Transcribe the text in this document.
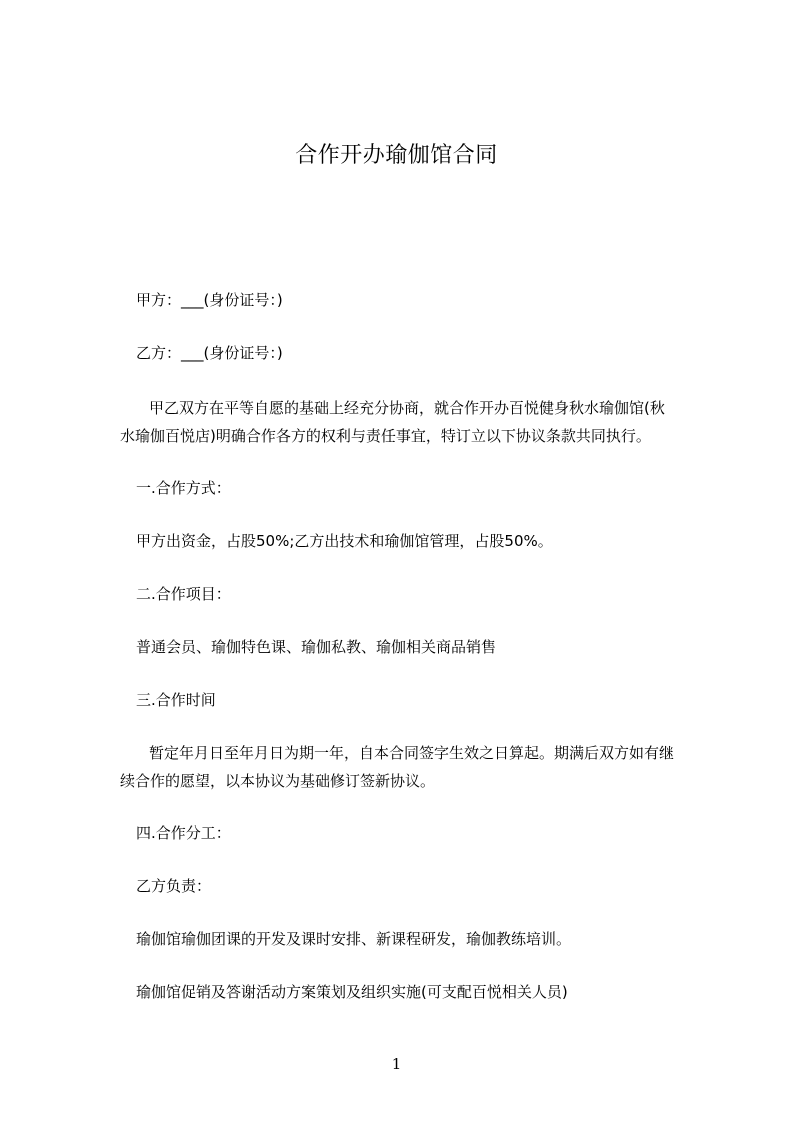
合作开办瑜伽馆合同
甲方：___(身份证号：)
乙方：___(身份证号：)
　甲乙双方在平等自愿的基础上经充分协商，就合作开办百悦健身秋水瑜伽馆(秋
水瑜伽百悦店)明确合作各方的权利与责任事宜，特订立以下协议条款共同执行。
一.合作方式：
甲方出资金，占股50%;乙方出技术和瑜伽馆管理，占股50%。
二.合作项目：
普通会员、瑜伽特色课、瑜伽私教、瑜伽相关商品销售
三.合作时间
　暂定年月日至年月日为期一年，自本合同签字生效之日算起。期满后双方如有继
续合作的愿望，以本协议为基础修订签新协议。
四.合作分工：
乙方负责：
瑜伽馆瑜伽团课的开发及课时安排、新课程研发，瑜伽教练培训。
瑜伽馆促销及答谢活动方案策划及组织实施(可支配百悦相关人员)
1
